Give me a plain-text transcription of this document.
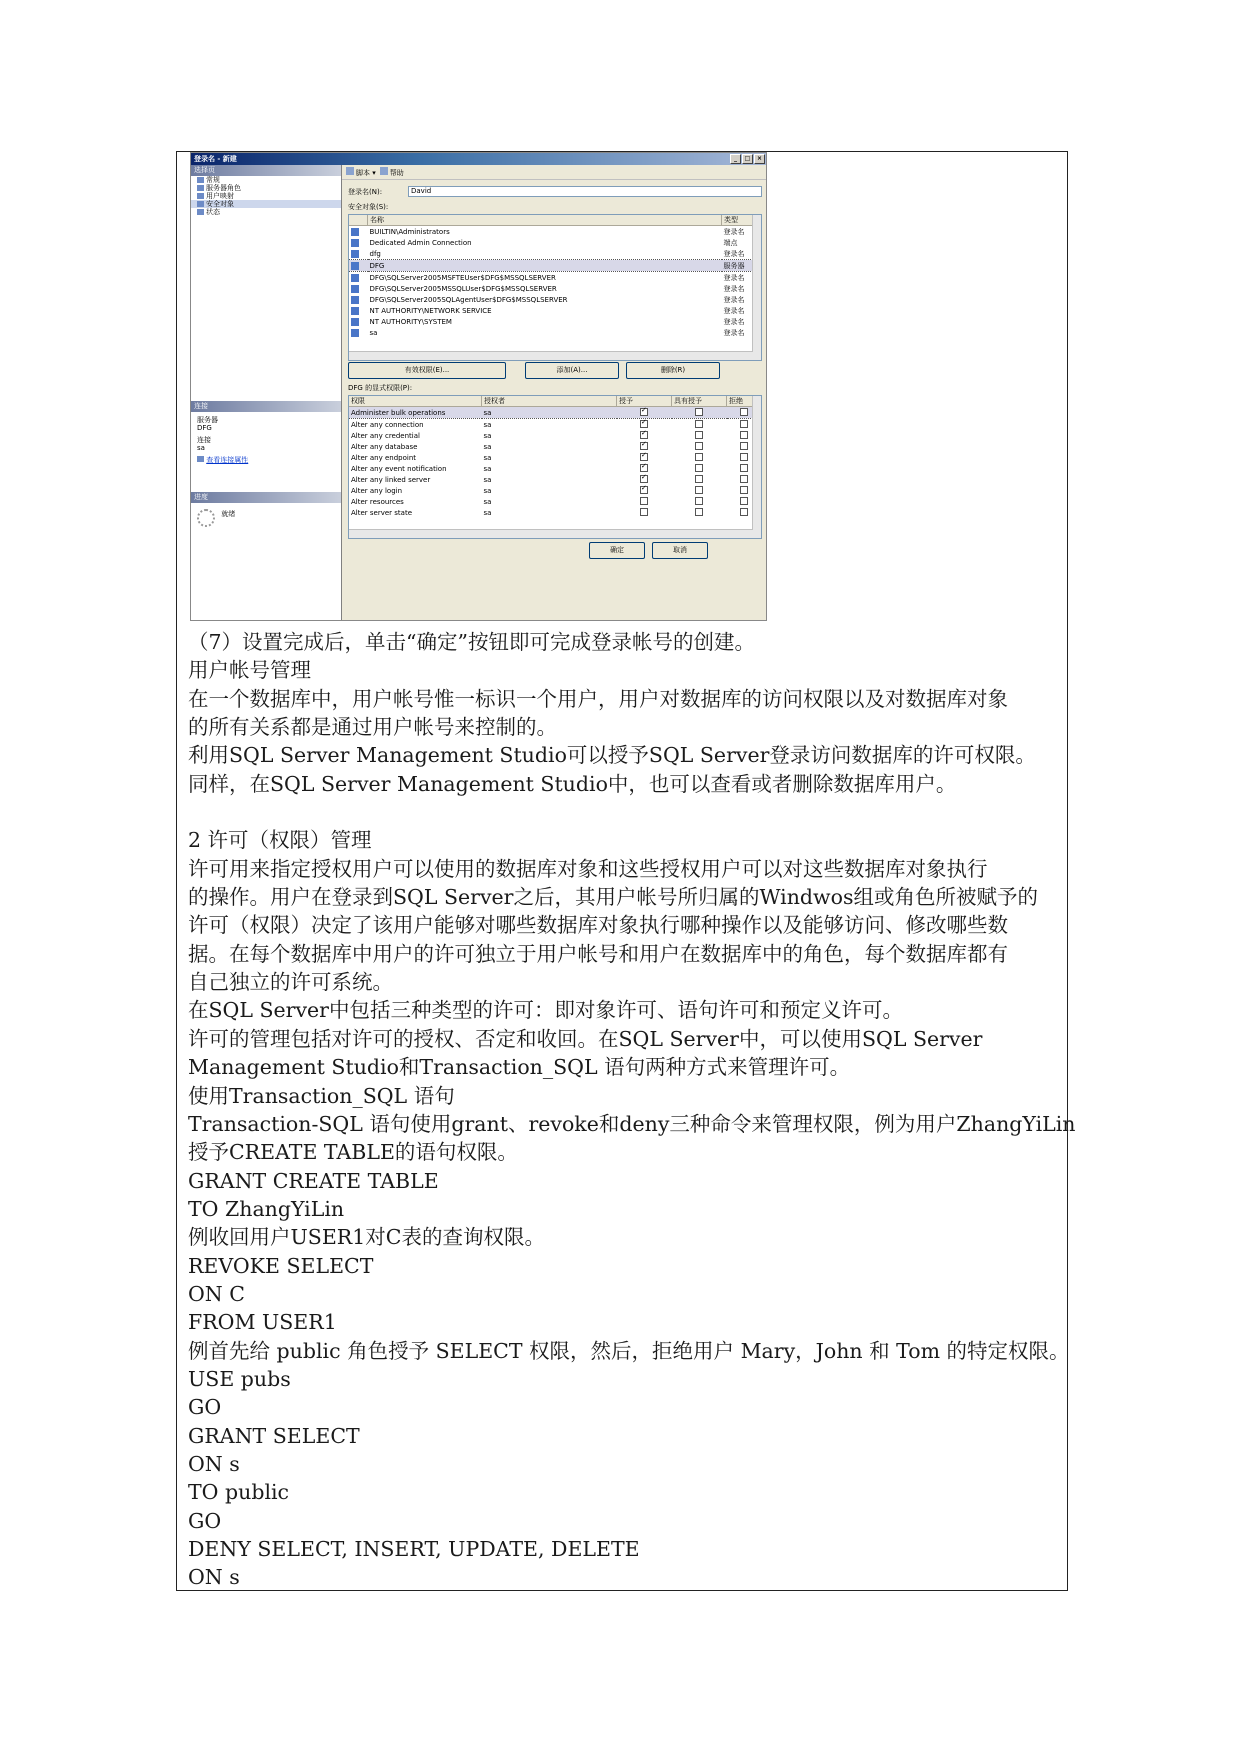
登录名 - 新建	_	□	×
选择页
常规
服务器角色
用户映射
安全对象
状态
连接
服务器
DFG
连接
sa
查看连接属性
进度
就绪
脚本 ▾	帮助
登录名(N):	David
安全对象(S):
	名称	类型
	BUILTIN\Administrators	登录名
	Dedicated Admin Connection	端点
	dfg	登录名
	DFG	服务器
	DFG\SQLServer2005MSFTEUser$DFG$MSSQLSERVER	登录名
	DFG\SQLServer2005MSSQLUser$DFG$MSSQLSERVER	登录名
	DFG\SQLServer2005SQLAgentUser$DFG$MSSQLSERVER	登录名
	NT AUTHORITY\NETWORK SERVICE	登录名
	NT AUTHORITY\SYSTEM	登录名
	sa	登录名
有效权限(E)...	添加(A)...	删除(R)
DFG 的显式权限(P):
权限	授权者	授予	具有授予	拒绝
Administer bulk operations	sa	✓		
Alter any connection	sa	✓		
Alter any credential	sa	✓		
Alter any database	sa	✓		
Alter any endpoint	sa	✓		
Alter any event notification	sa	✓		
Alter any linked server	sa	✓		
Alter any login	sa	✓		
Alter resources	sa			
Alter server state	sa			
确定	取消

（7）设置完成后，单击“确定”按钮即可完成登录帐号的创建。

用户帐号管理

在一个数据库中，用户帐号惟一标识一个用户，用户对数据库的访问权限以及对数据库对象

的所有关系都是通过用户帐号来控制的。

利用SQL Server Management Studio可以授予SQL Server登录访问数据库的许可权限。

同样，在SQL Server Management Studio中，也可以查看或者删除数据库用户。

2 许可（权限）管理

许可用来指定授权用户可以使用的数据库对象和这些授权用户可以对这些数据库对象执行

的操作。用户在登录到SQL Server之后，其用户帐号所归属的Windwos组或角色所被赋予的

许可（权限）决定了该用户能够对哪些数据库对象执行哪种操作以及能够访问、修改哪些数

据。在每个数据库中用户的许可独立于用户帐号和用户在数据库中的角色，每个数据库都有

自己独立的许可系统。

在SQL Server中包括三种类型的许可：即对象许可、语句许可和预定义许可。

许可的管理包括对许可的授权、否定和收回。在SQL Server中，可以使用SQL Server

Management Studio和Transaction_SQL 语句两种方式来管理许可。

使用Transaction_SQL 语句

Transaction-SQL 语句使用grant、revoke和deny三种命令来管理权限，例为用户ZhangYiLin

授予CREATE TABLE的语句权限。

GRANT CREATE TABLE

TO ZhangYiLin

例收回用户USER1对C表的查询权限。

REVOKE SELECT

ON C

FROM USER1

例首先给 public 角色授予 SELECT 权限，然后，拒绝用户 Mary，John 和 Tom 的特定权限。

USE pubs

GO

GRANT SELECT

ON s

TO public

GO

DENY SELECT, INSERT, UPDATE, DELETE

ON s
